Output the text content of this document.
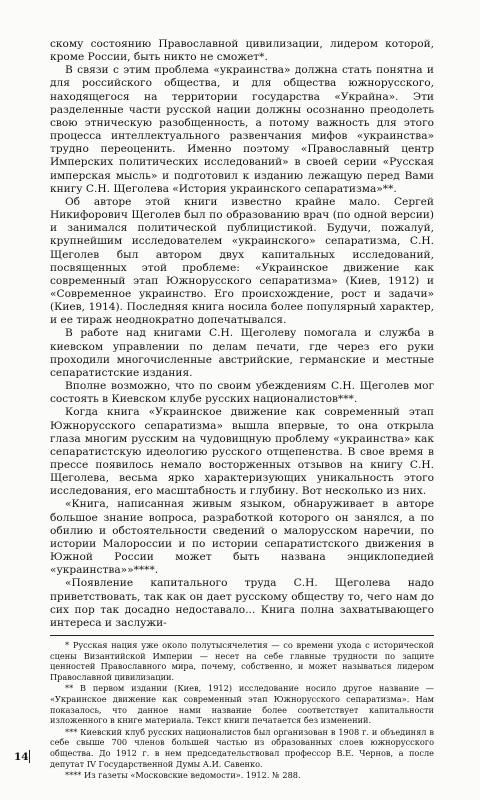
скому состоянию Православной цивилизации, лидером которой, кроме России, быть никто не сможет*.

В связи с этим проблема «украинства» должна стать понятна и для российского общества, и для общества южнорусского, находящегося на территории государства «Украйна». Эти разделенные части русской нации должны осознанно преодолеть свою этническую разобщенность, а потому важность для этого процесса интеллектуального развенчания мифов «украинства» трудно переоценить. Именно поэтому «Православный центр Имперских политических исследований» в своей серии «Русская имперская мысль» и подготовил к изданию лежащую перед Вами книгу С.Н. Щеголева «История украинского сепаратизма»**.

Об авторе этой книги известно крайне мало. Сергей Никифорович Щеголев был по образованию врач (по одной версии) и занимался политической публицистикой. Будучи, пожалуй, крупнейшим исследователем «украинского» сепаратизма, С.Н. Щеголев был автором двух капитальных исследований, посвященных этой проблеме: «Украинское движение как современный этап Южнорусского сепаратизма» (Киев, 1912) и «Современное украинство. Его происхождение, рост и задачи» (Киев, 1914). Последняя книга носила более популярный характер, и ее тираж неоднократно допечатывался.

В работе над книгами С.Н. Щеголеву помогала и служба в киевском управлении по делам печати, где через его руки проходили многочисленные австрийские, германские и местные сепаратистские издания.

Вполне возможно, что по своим убеждениям С.Н. Щеголев мог состоять в Киевском клубе русских националистов***.

Когда книга «Украинское движение как современный этап Южнорусского сепаратизма» вышла впервые, то она открыла глаза многим русским на чудовищную проблему «украинства» как сепаратистскую идеологию русского отщепенства. В свое время в прессе появилось немало восторженных отзывов на книгу С.Н. Щеголева, весьма ярко характеризующих уникальность этого исследования, его масштабность и глубину. Вот несколько из них.

«Книга, написанная живым языком, обнаруживает в авторе большое знание вопроса, разработкой которого он занялся, а по обилию и обстоятельности сведений о малорусском наречии, по истории Малороссии и по истории сепаратистского движения в Южной России может быть названа энциклопедией «украинства»»****.

«Появление капитального труда С.Н. Щеголева надо приветствовать, так как он дает русскому обществу то, чего нам до сих пор так досадно недоставало... Книга полна захватывающего интереса и заслужи-

* Русская нация уже около полутысячелетия — со времени ухода с исторической сцены Византийской Империи — несет на себе главные трудности по защите ценностей Православного мира, почему, собственно, и может называться лидером Православной цивилизации.

** В первом издании (Киев, 1912) исследование носило другое название — «Украинское движение как современный этап Южнорусского сепаратизма». Нам показалось, что данное нами название более соответствует капитальности изложенного в книге материала. Текст книги печатается без изменений.

*** Киевский клуб русских националистов был организован в 1908 г. и объединял в себе свыше 700 членов большей частью из образованных слоев южнорусского общества. До 1912 г. в нем председательствовал профессор В.Е. Чернов, а после депутат IV Государственной Думы А.И. Савенко.

**** Из газеты «Московские ведомости». 1912. № 288.

14
